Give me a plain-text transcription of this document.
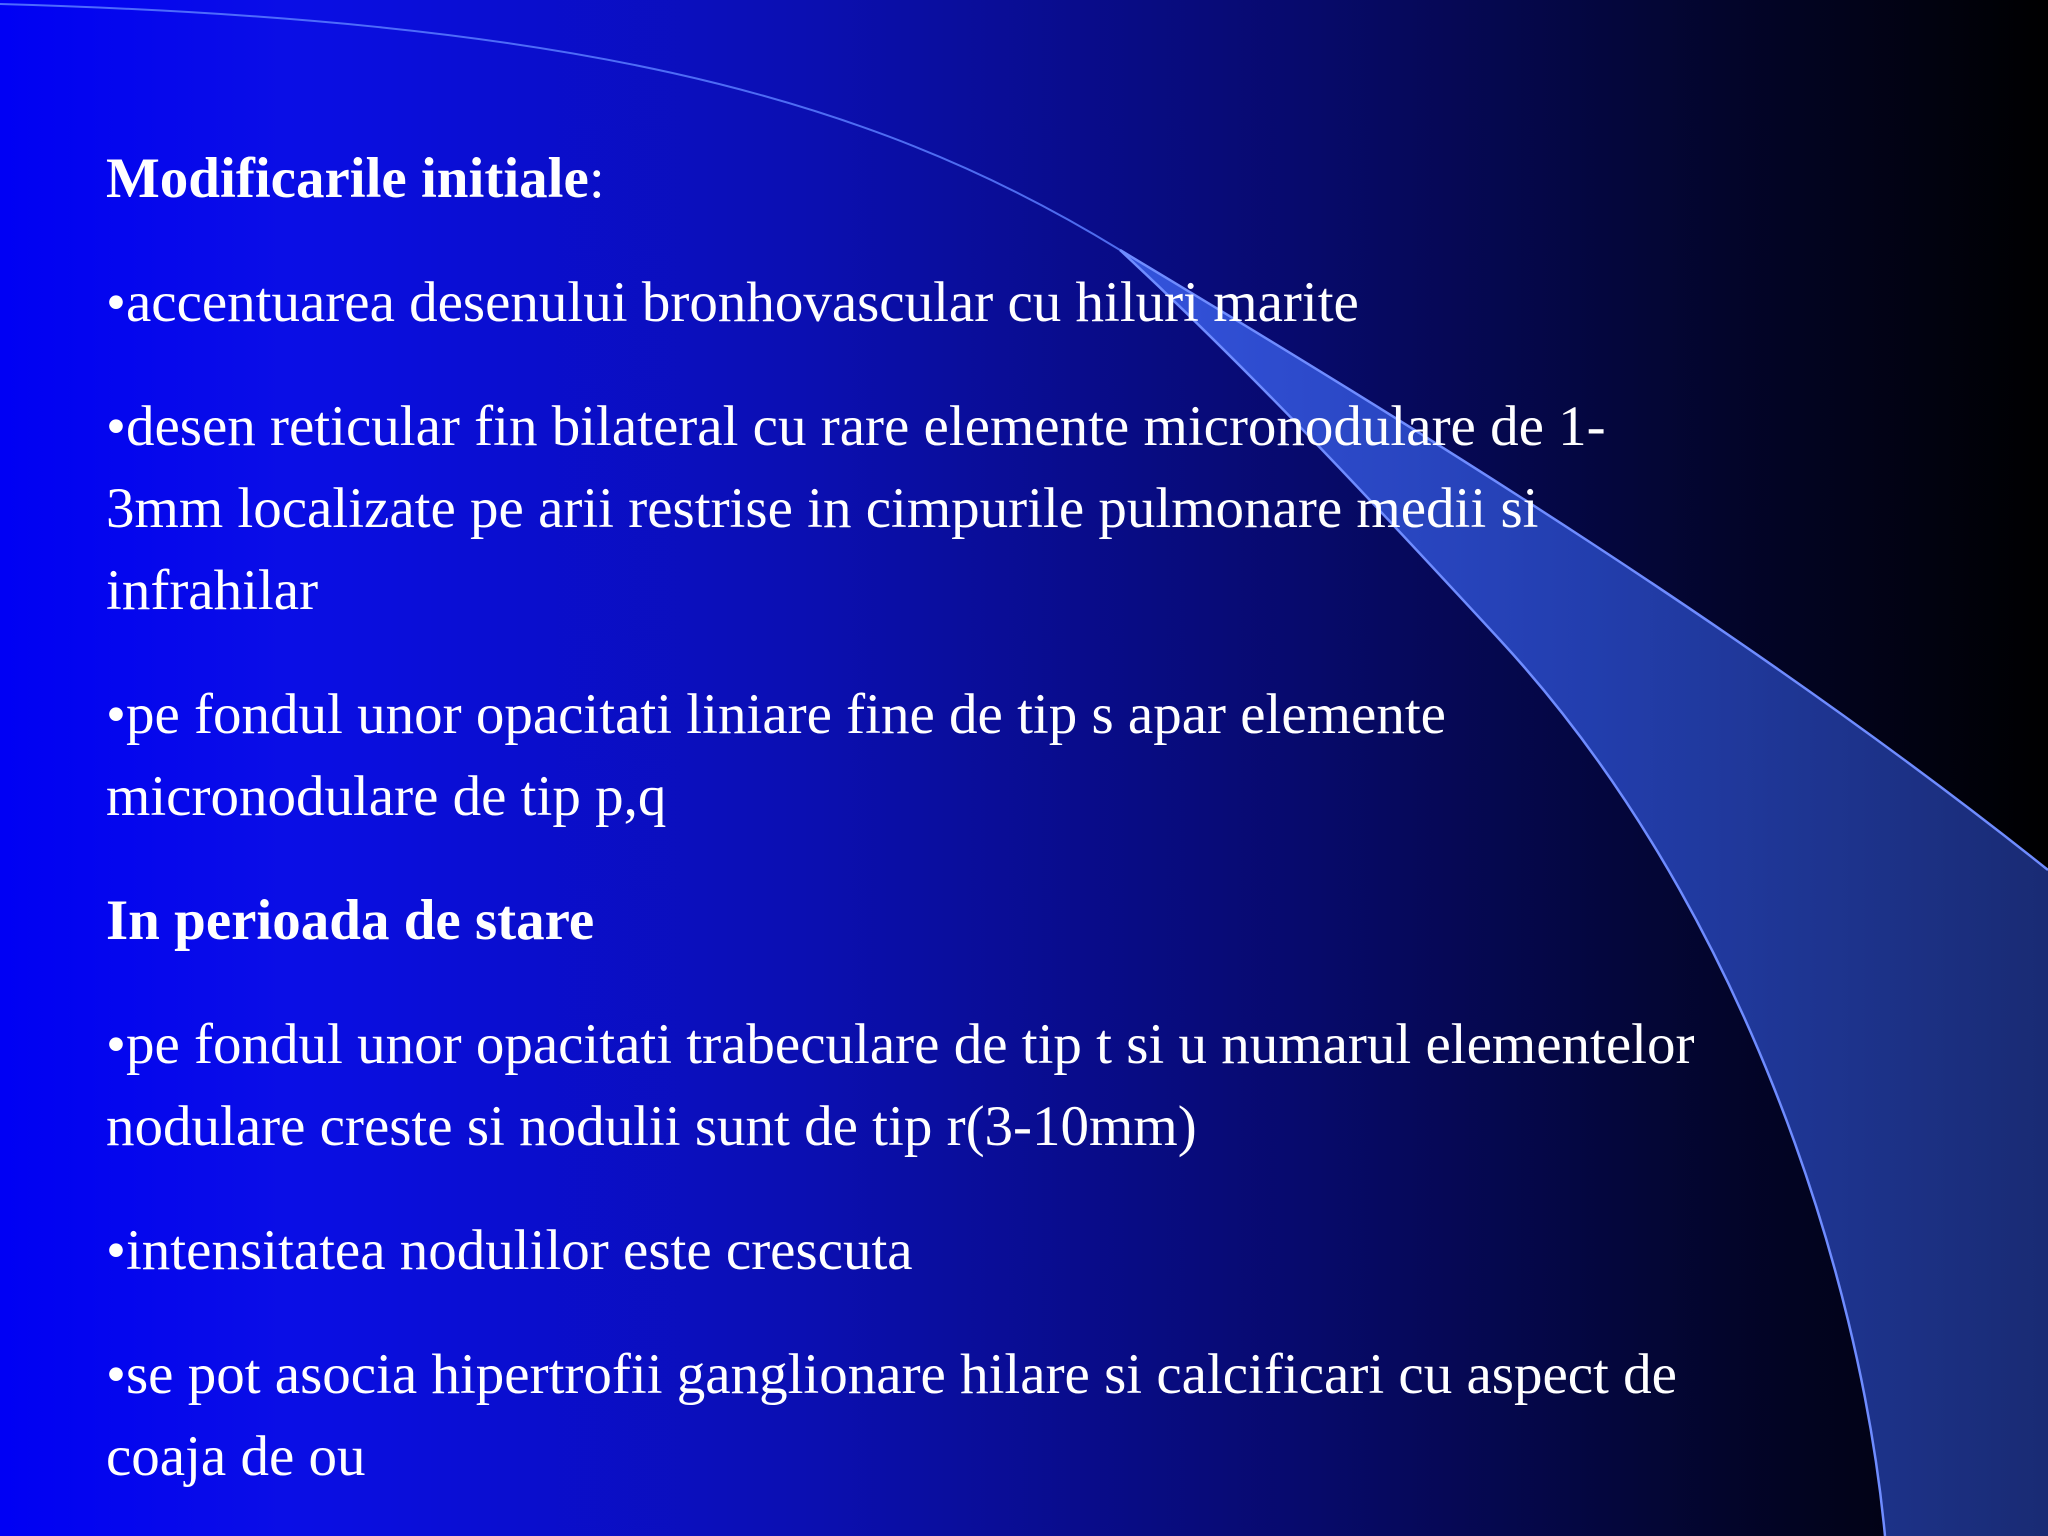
Modificarile initiale:

•accentuarea desenului bronhovascular cu hiluri marite

•desen reticular fin bilateral cu rare elemente micronodulare de 1-

3mm localizate pe arii restrise in cimpurile pulmonare medii si

infrahilar

•pe fondul unor opacitati liniare fine de tip s apar elemente

micronodulare de tip p,q

In perioada de stare

•pe fondul unor opacitati trabeculare de tip t si u numarul elementelor

nodulare creste si nodulii sunt de tip r(3-10mm)

•intensitatea nodulilor este crescuta

•se pot asocia hipertrofii ganglionare hilare si calcificari cu aspect de

coaja de ou
